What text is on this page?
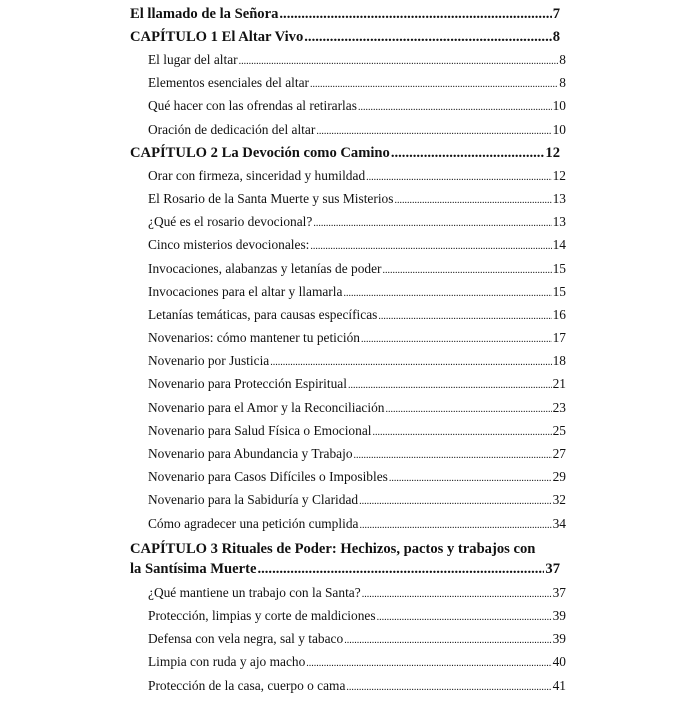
El llamado de la Señora .....	7
CAPÍTULO 1 El Altar Vivo .....	8
El lugar del altar .....	8
Elementos esenciales del altar .....	8
Qué hacer con las ofrendas al retirarlas .....	10
Oración de dedicación del altar .....	10
CAPÍTULO 2 La Devoción como Camino .....	12
Orar con firmeza, sinceridad y humildad .....	12
El Rosario de la Santa Muerte y sus Misterios .....	13
¿Qué es el rosario devocional? .....	13
Cinco misterios devocionales: .....	14
Invocaciones, alabanzas y letanías de poder .....	15
Invocaciones para el altar y llamarla .....	15
Letanías temáticas, para causas específicas .....	16
Novenarios: cómo mantener tu petición .....	17
Novenario por Justicia .....	18
Novenario para Protección Espiritual .....	21
Novenario para el Amor y la Reconciliación .....	23
Novenario para Salud Física o Emocional .....	25
Novenario para Abundancia y Trabajo .....	27
Novenario para Casos Difíciles o Imposibles .....	29
Novenario para la Sabiduría y Claridad .....	32
Cómo agradecer una petición cumplida .....	34
CAPÍTULO 3 Rituales de Poder: Hechizos, pactos y trabajos con
la Santísima Muerte .....	37
¿Qué mantiene un trabajo con la Santa? .....	37
Protección, limpias y corte de maldiciones .....	39
Defensa con vela negra, sal y tabaco .....	39
Limpia con ruda y ajo macho .....	40
Protección de la casa, cuerpo o cama .....	41
